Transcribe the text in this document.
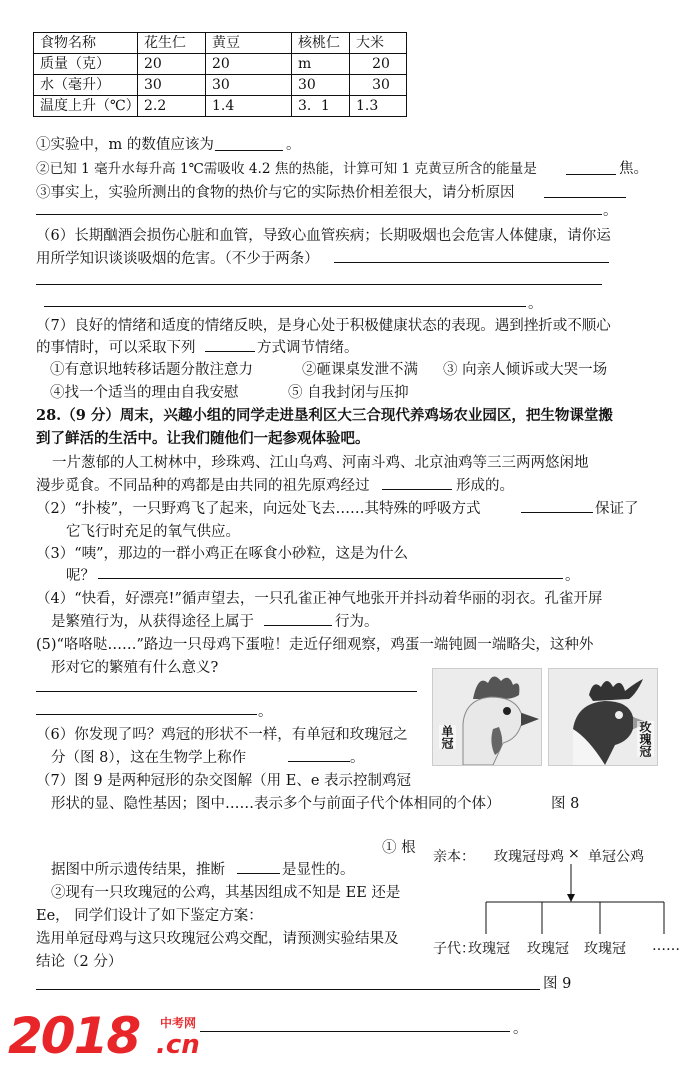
食物名称	花生仁	黄豆	核桃仁	大米
质量（克）	20	20	m	20
水（毫升）	30	30	30	30
温度上升（℃）	2.2	1.4	3．1	1.3
①实验中，m 的数值应该为	。
②已知 1 毫升水每升高 1℃需吸收 4.2 焦的热能，计算可知 1 克黄豆所含的能量是	焦。
③事实上，实验所测出的食物的热价与它的实际热价相差很大，请分析原因
。
（6）长期酗酒会损伤心脏和血管，导致心血管疾病；长期吸烟也会危害人体健康，请你运
用所学知识谈谈吸烟的危害。（不少于两条）
。
（7）良好的情绪和适度的情绪反映，是身心处于积极健康状态的表现。遇到挫折或不顺心
的事情时，可以采取下列	方式调节情绪。
①有意识地转移话题分散注意力	②砸课桌发泄不满 ③ 向亲人倾诉或大哭一场
④找一个适当的理由自我安慰	⑤ 自我封闭与压抑
28.（9 分）周末，兴趣小组的同学走进垦利区大三合现代养鸡场农业园区，把生物课堂搬
到了鲜活的生活中。让我们随他们一起参观体验吧。
一片葱郁的人工树林中，珍珠鸡、江山乌鸡、河南斗鸡、北京油鸡等三三两两悠闲地
漫步觅食。不同品种的鸡都是由共同的祖先原鸡经过	形成的。
（2）“扑棱”，一只野鸡飞了起来，向远处飞去……其特殊的呼吸方式	保证了
它飞行时充足的氧气供应。
（3）“咦”，那边的一群小鸡正在啄食小砂粒，这是为什么
呢？	。
（4）“快看，好漂亮!”循声望去，一只孔雀正神气地张开并抖动着华丽的羽衣。孔雀开屏
是繁殖行为，从获得途径上属于	行为。
(5)“咯咯哒……”路边一只母鸡下蛋啦！走近仔细观察，鸡蛋一端钝圆一端略尖，这种外
形对它的繁殖有什么意义?
。
（6）你发现了吗？鸡冠的形状不一样，有单冠和玫瑰冠之
分（图 8），这在生物学上称作	。
（7）图 9 是两种冠形的杂交图解（用 E、e 表示控制鸡冠
形状的显、隐性基因；图中……表示多个与前面子代个体相同的个体）	图 8
① 根
据图中所示遗传结果，推断	是显性的。
②现有一只玫瑰冠的公鸡，其基因组成不知是 EE 还是
Ee， 同学们设计了如下鉴定方案：
选用单冠母鸡与这只玫瑰冠公鸡交配，请预测实验结果及
结论（2 分）
图 9
。
单冠	玫瑰冠
亲本： 玫瑰冠母鸡 × 单冠公鸡
子代：
玫瑰冠 玫瑰冠 玫瑰冠 ……
2018 中考网
.cn
